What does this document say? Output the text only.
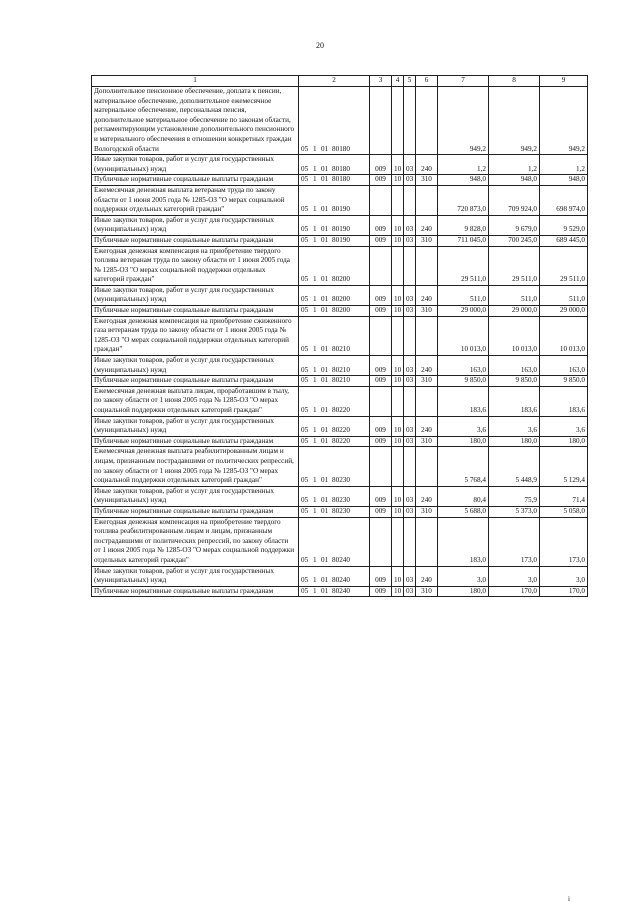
20
1	2	3	4	5	6	7	8	9
Дополнительное пенсионное обеспечение, доплата к пенсии, материальное обеспечение, дополнительное ежемесячное материальное обеспечение, персональная пенсия, дополнительное материальное обеспечение по законам области, регламентирующим установление дополнительного пенсионного и материального обеспечения в отношении конкретных граждан Вологодской области	05 1 01 80180					949,2	949,2	949,2
Иные закупки товаров, работ и услуг для государственных (муниципальных) нужд	05 1 01 80180	009	10	03	240	1,2	1,2	1,2
Публичные нормативные социальные выплаты гражданам	05 1 01 80180	009	10	03	310	948,0	948,0	948,0
Ежемесячная денежная выплата ветеранам труда по закону области от 1 июня 2005 года № 1285-ОЗ "О мерах социальной поддержки отдельных категорий граждан"	05 1 01 80190					720 873,0	709 924,0	698 974,0
Иные закупки товаров, работ и услуг для государственных (муниципальных) нужд	05 1 01 80190	009	10	03	240	9 828,0	9 679,0	9 529,0
Публичные нормативные социальные выплаты гражданам	05 1 01 80190	009	10	03	310	711 045,0	700 245,0	689 445,0
Ежегодная денежная компенсация на приобретение твердого топлива ветеранам труда по закону области от 1 июня 2005 года № 1285-ОЗ "О мерах социальной поддержки отдельных категорий граждан"	05 1 01 80200					29 511,0	29 511,0	29 511,0
Иные закупки товаров, работ и услуг для государственных (муниципальных) нужд	05 1 01 80200	009	10	03	240	511,0	511,0	511,0
Публичные нормативные социальные выплаты гражданам	05 1 01 80200	009	10	03	310	29 000,0	29 000,0	29 000,0
Ежегодная денежная компенсация на приобретение сжиженного газа ветеранам труда по закону области от 1 июня 2005 года № 1285-ОЗ "О мерах социальной поддержки отдельных категорий граждан"	05 1 01 80210					10 013,0	10 013,0	10 013,0
Иные закупки товаров, работ и услуг для государственных (муниципальных) нужд	05 1 01 80210	009	10	03	240	163,0	163,0	163,0
Публичные нормативные социальные выплаты гражданам	05 1 01 80210	009	10	03	310	9 850,0	9 850,0	9 850,0
Ежемесячная денежная выплата лицам, проработавшим в тылу, по закону области от 1 июня 2005 года № 1285-ОЗ "О мерах социальной поддержки отдельных категорий граждан"	05 1 01 80220					183,6	183,6	183,6
Иные закупки товаров, работ и услуг для государственных (муниципальных) нужд	05 1 01 80220	009	10	03	240	3,6	3,6	3,6
Публичные нормативные социальные выплаты гражданам	05 1 01 80220	009	10	03	310	180,0	180,0	180,0
Ежемесячная денежная выплата реабилитированным лицам и лицам, признанным пострадавшими от политических репрессий, по закону области от 1 июня 2005 года № 1285-ОЗ "О мерах социальной поддержки отдельных категорий граждан"	05 1 01 80230					5 768,4	5 448,9	5 129,4
Иные закупки товаров, работ и услуг для государственных (муниципальных) нужд	05 1 01 80230	009	10	03	240	80,4	75,9	71,4
Публичные нормативные социальные выплаты гражданам	05 1 01 80230	009	10	03	310	5 688,0	5 373,0	5 058,0
Ежегодная денежная компенсация на приобретение твердого топлива реабилитированным лицам и лицам, признанным пострадавшими от политических репрессий, по закону области от 1 июня 2005 года № 1285-ОЗ "О мерах социальной поддержки отдельных категорий граждан"	05 1 01 80240					183,0	173,0	173,0
Иные закупки товаров, работ и услуг для государственных (муниципальных) нужд	05 1 01 80240	009	10	03	240	3,0	3,0	3,0
Публичные нормативные социальные выплаты гражданам	05 1 01 80240	009	10	03	310	180,0	170,0	170,0
і
